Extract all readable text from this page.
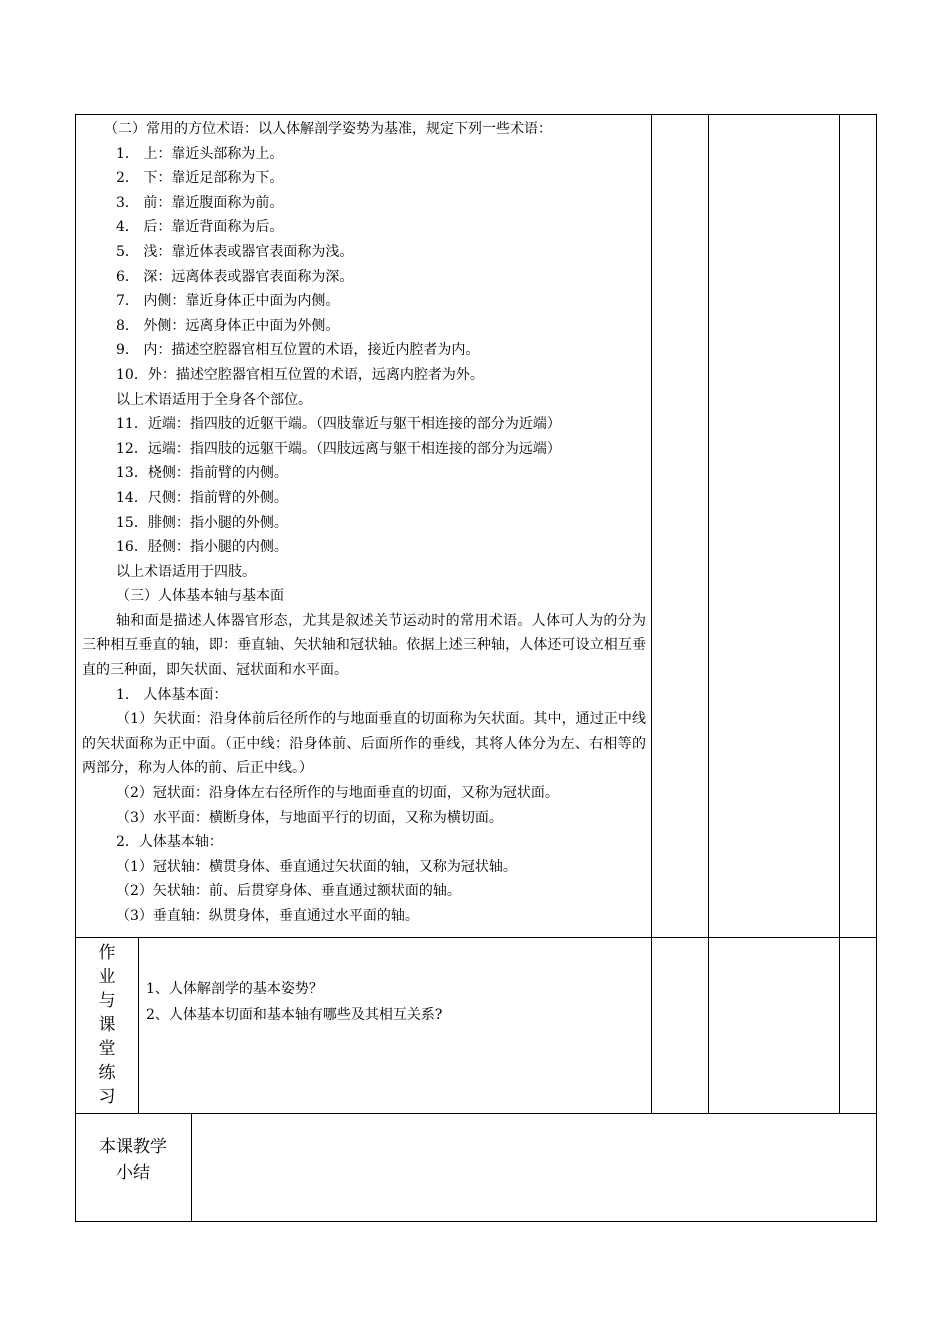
（二）常用的方位术语：以人体解剖学姿势为基准，规定下列一些术语：
1． 上：靠近头部称为上。
2． 下：靠近足部称为下。
3． 前：靠近腹面称为前。
4． 后：靠近背面称为后。
5． 浅：靠近体表或器官表面称为浅。
6． 深：远离体表或器官表面称为深。
7． 内侧：靠近身体正中面为内侧。
8． 外侧：远离身体正中面为外侧。
9． 内：描述空腔器官相互位置的术语，接近内腔者为内。
10．外：描述空腔器官相互位置的术语，远离内腔者为外。
以上术语适用于全身各个部位。
11．近端：指四肢的近躯干端。（四肢靠近与躯干相连接的部分为近端）
12．远端：指四肢的远躯干端。（四肢远离与躯干相连接的部分为远端）
13．桡侧：指前臂的内侧。
14．尺侧：指前臂的外侧。
15．腓侧：指小腿的外侧。
16．胫侧：指小腿的内侧。
以上术语适用于四肢。
（三）人体基本轴与基本面

轴和面是描述人体器官形态，尤其是叙述关节运动时的常用术语。人体可人为的分为三种相互垂直的轴，即：垂直轴、矢状轴和冠状轴。依据上述三种轴，人体还可设立相互垂直的三种面，即矢状面、冠状面和水平面。

1． 人体基本面：

（1）矢状面：沿身体前后径所作的与地面垂直的切面称为矢状面。其中，通过正中线的矢状面称为正中面。（正中线：沿身体前、后面所作的垂线，其将人体分为左、右相等的两部分，称为人体的前、后正中线。）

（2）冠状面：沿身体左右径所作的与地面垂直的切面，又称为冠状面。
（3）水平面：横断身体，与地面平行的切面，又称为横切面。
2．人体基本轴：
（1）冠状轴：横贯身体、垂直通过矢状面的轴，又称为冠状轴。
（2）矢状轴：前、后贯穿身体、垂直通过额状面的轴。
（3）垂直轴：纵贯身体，垂直通过水平面的轴。
作
业
与
课
堂
练
习
1、人体解剖学的基本姿势？
2、人体基本切面和基本轴有哪些及其相互关系?
本课教学
小结
